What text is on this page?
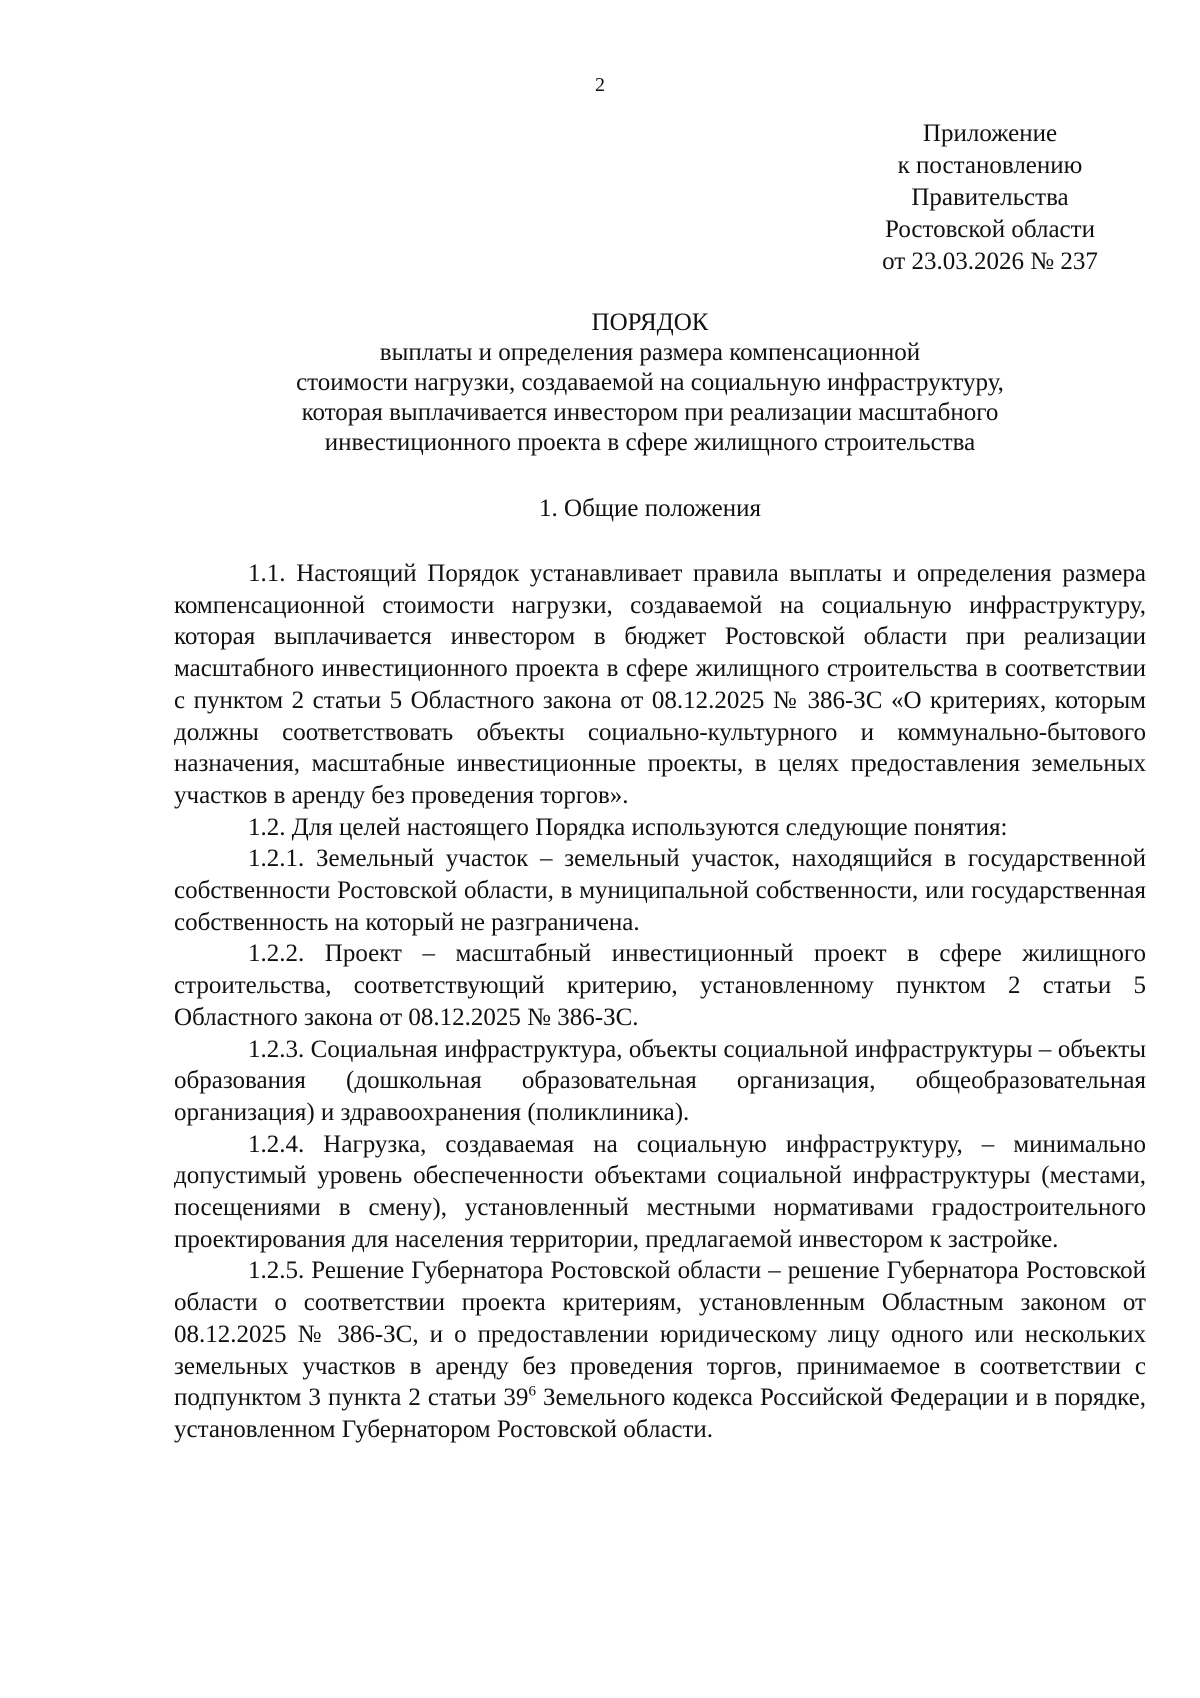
2
Приложение
к постановлению
Правительства
Ростовской области
от 23.03.2026 № 237
ПОРЯДОК
выплаты и определения размера компенсационной
стоимости нагрузки, создаваемой на социальную инфраструктуру,
которая выплачивается инвестором при реализации масштабного
инвестиционного проекта в сфере жилищного строительства
1. Общие положения

1.1. Настоящий Порядок устанавливает правила выплаты и определения размера компенсационной стоимости нагрузки, создаваемой на социальную инфраструктуру, которая выплачивается инвестором в бюджет Ростовской области при реализации масштабного инвестиционного проекта в сфере жилищного строительства в соответствии с пунктом 2 статьи 5 Областного закона от 08.12.2025 № 386-ЗС «О критериях, которым должны соответствовать объекты социально-культурного и коммунально-бытового назначения, масштабные инвестиционные проекты, в целях предоставления земельных участков в аренду без проведения торгов».

1.2. Для целей настоящего Порядка используются следующие понятия:

1.2.1. Земельный участок – земельный участок, находящийся в государственной собственности Ростовской области, в муниципальной собственности, или государственная собственность на который не разграничена.

1.2.2. Проект – масштабный инвестиционный проект в сфере жилищного строительства, соответствующий критерию, установленному пунктом 2 статьи 5 Областного закона от 08.12.2025 № 386-ЗС.

1.2.3. Социальная инфраструктура, объекты социальной инфраструктуры – объекты образования (дошкольная образовательная организация, общеобразовательная организация) и здравоохранения (поликлиника).

1.2.4. Нагрузка, создаваемая на социальную инфраструктуру, – минимально допустимый уровень обеспеченности объектами социальной инфраструктуры (местами, посещениями в смену), установленный местными нормативами градостроительного проектирования для населения территории, предлагаемой инвестором к застройке.

1.2.5. Решение Губернатора Ростовской области – решение Губернатора Ростовской области о соответствии проекта критериям, установленным Областным законом от 08.12.2025 № 386-ЗС, и о предоставлении юридическому лицу одного или нескольких земельных участков в аренду без проведения торгов, принимаемое в соответствии с подпунктом 3 пункта 2 статьи $39^6$ Земельного кодекса Российской Федерации и в порядке, установленном Губернатором Ростовской области.
